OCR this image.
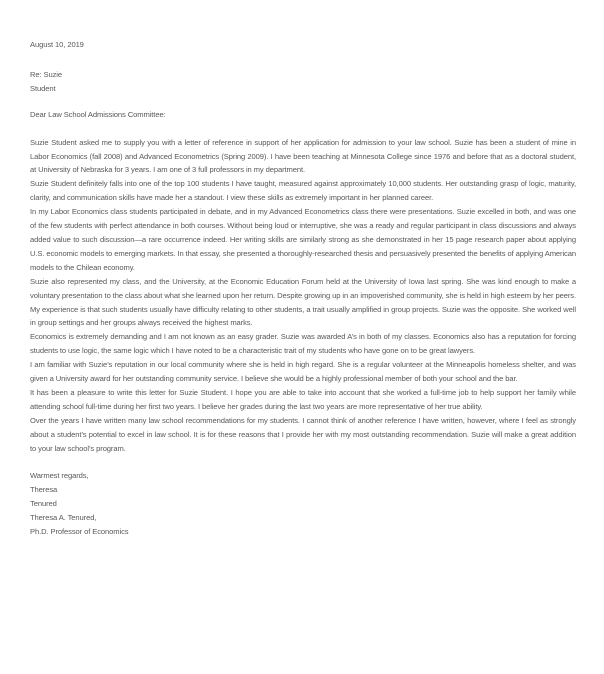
August 10, 2019

Re: Suzie

Student

Dear Law School Admissions Committee:

Suzie Student asked me to supply you with a letter of reference in support of her application for admission to your law school. Suzie has been a student of mine in Labor Economics (fall 2008) and Advanced Econometrics (Spring 2009). I have been teaching at Minnesota College since 1976 and before that as a doctoral student, at University of Nebraska for 3 years. I am one of 3 full professors in my department.

Suzie Student definitely falls into one of the top 100 students I have taught, measured against approximately 10,000 students. Her outstanding grasp of logic, maturity, clarity, and communication skills have made her a standout. I view these skills as extremely important in her planned career.

In my Labor Economics class students participated in debate, and in my Advanced Econometrics class there were presentations. Suzie excelled in both, and was one of the few students with perfect attendance in both courses. Without being loud or interruptive, she was a ready and regular participant in class discussions and always added value to such discussion—a rare occurrence indeed. Her writing skills are similarly strong as she demonstrated in her 15 page research paper about applying U.S. economic models to emerging markets. In that essay, she presented a thoroughly-researched thesis and persuasively presented the benefits of applying American models to the Chilean economy.

Suzie also represented my class, and the University, at the Economic Education Forum held at the University of Iowa last spring. She was kind enough to make a voluntary presentation to the class about what she learned upon her return. Despite growing up in an impoverished community, she is held in high esteem by her peers. My experience is that such students usually have difficulty relating to other students, a trait usually amplified in group projects. Suzie was the opposite. She worked well in group settings and her groups always received the highest marks.

Economics is extremely demanding and I am not known as an easy grader. Suzie was awarded A’s in both of my classes. Economics also has a reputation for forcing students to use logic, the same logic which I have noted to be a characteristic trait of my students who have gone on to be great lawyers.

I am familiar with Suzie’s reputation in our local community where she is held in high regard. She is a regular volunteer at the Minneapolis homeless shelter, and was given a University award for her outstanding community service. I believe she would be a highly professional member of both your school and the bar.

It has been a pleasure to write this letter for Suzie Student. I hope you are able to take into account that she worked a full-time job to help support her family while attending school full-time during her first two years. I believe her grades during the last two years are more representative of her true ability.

Over the years I have written many law school recommendations for my students. I cannot think of another reference I have written, however, where I feel as strongly about a student’s potential to excel in law school. It is for these reasons that I provide her with my most outstanding recommendation. Suzie will make a great addition to your law school’s program.

Warmest regards,

Theresa

Tenured

Theresa A. Tenured,

Ph.D. Professor of Economics
